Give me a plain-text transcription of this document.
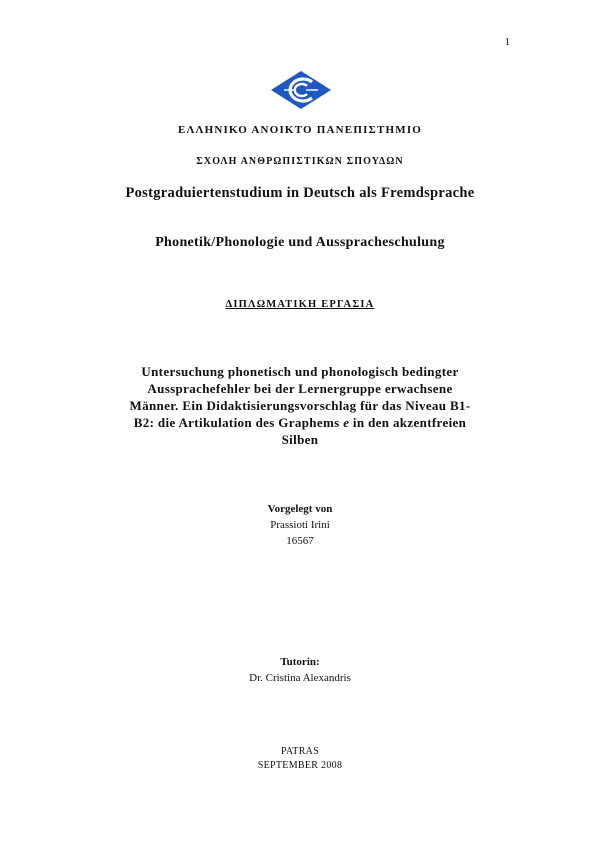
1
ΕΛΛΗΝΙΚΟ ΑΝΟΙΚΤΟ ΠΑΝΕΠΙΣΤΗΜΙΟ
ΣΧΟΛΗ ΑΝΘΡΩΠΙΣΤΙΚΩΝ ΣΠΟΥΔΩΝ
Postgraduiertenstudium in Deutsch als Fremdsprache
Phonetik/Phonologie und Ausspracheschulung
ΔΙΠΛΩΜΑΤΙΚΗ ΕΡΓΑΣΙΑ
Untersuchung phonetisch und phonologisch bedingter
Aussprachefehler bei der Lernergruppe erwachsene
Männer. Ein Didaktisierungsvorschlag für das Niveau B1-
B2: die Artikulation des Graphems e in den akzentfreien
Silben
Vorgelegt von
Prassioti Irini
16567
Tutorin:
Dr. Cristina Alexandris
PATRAS
SEPTEMBER 2008
